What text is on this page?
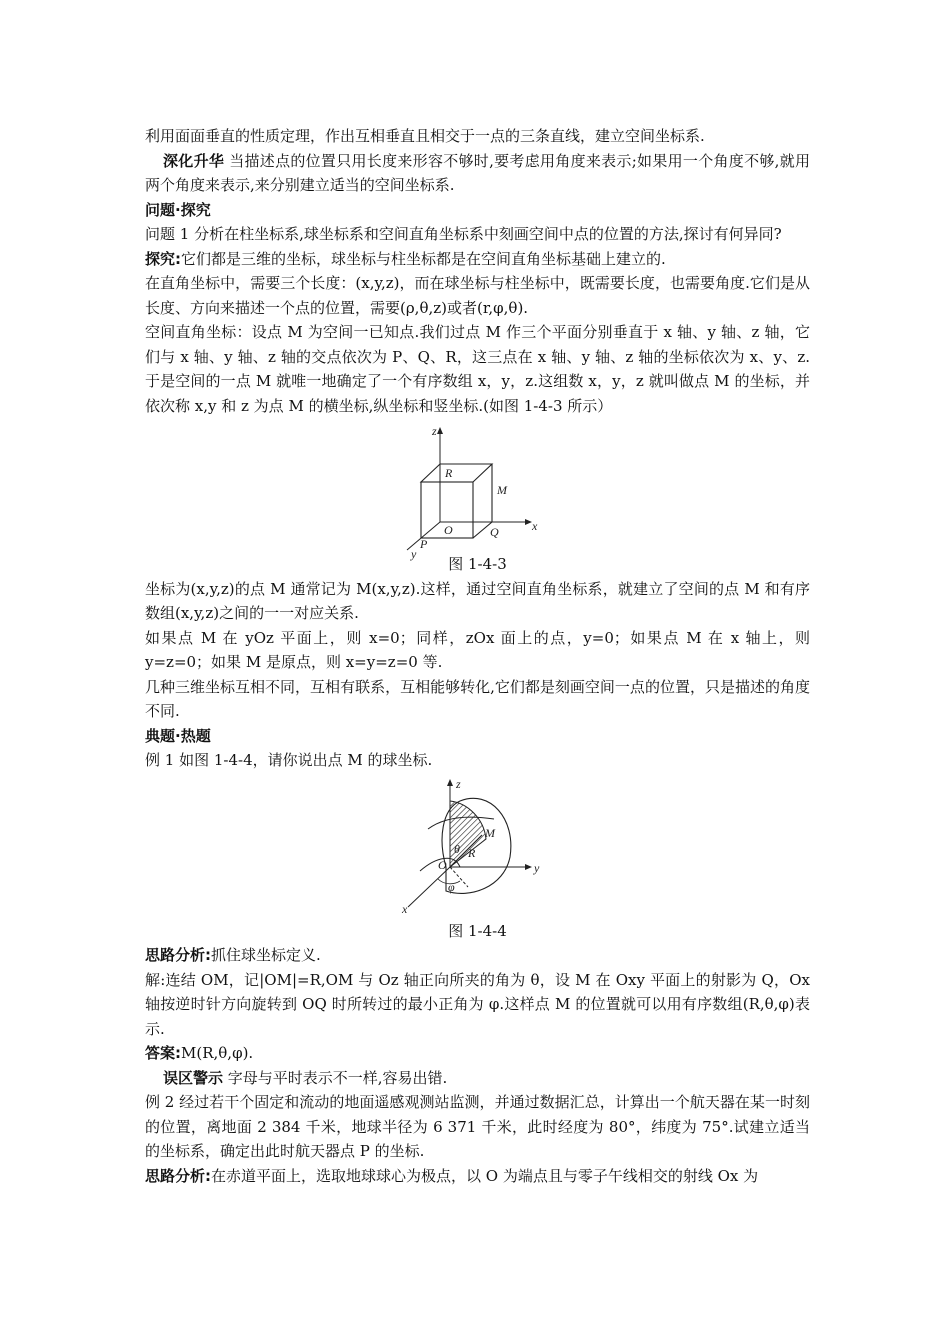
利用面面垂直的性质定理，作出互相垂直且相交于一点的三条直线，建立空间坐标系.

深化升华 当描述点的位置只用长度来形容不够时,要考虑用角度来表示;如果用一个角度不够,就用两个角度来表示,来分别建立适当的空间坐标系.

问题·探究

问题 1 分析在柱坐标系,球坐标系和空间直角坐标系中刻画空间中点的位置的方法,探讨有何异同?

探究:它们都是三维的坐标，球坐标与柱坐标都是在空间直角坐标基础上建立的.

在直角坐标中，需要三个长度：(x,y,z)，而在球坐标与柱坐标中，既需要长度，也需要角度.它们是从长度、方向来描述一个点的位置，需要(ρ,θ,z)或者(r,φ,θ).

空间直角坐标：设点 M 为空间一已知点.我们过点 M 作三个平面分别垂直于 x 轴、y 轴、z 轴，它们与 x 轴、y 轴、z 轴的交点依次为 P、Q、R，这三点在 x 轴、y 轴、z 轴的坐标依次为 x、y、z.于是空间的一点 M 就唯一地确定了一个有序数组 x，y，z.这组数 x，y，z 就叫做点 M 的坐标，并依次称 x,y 和 z 为点 M 的横坐标,纵坐标和竖坐标.(如图 1-4-3 所示）

z
R
M
O	Q	x
P
y

图 1-4-3

坐标为(x,y,z)的点 M 通常记为 M(x,y,z).这样，通过空间直角坐标系，就建立了空间的点 M 和有序数组(x,y,z)之间的一一对应关系.

如果点 M 在 yOz 平面上，则 x=0；同样，zOx 面上的点，y=0；如果点 M 在 x 轴上，则 y=z=0；如果 M 是原点，则 x=y=z=0 等.

几种三维坐标互相不同，互相有联系，互相能够转化,它们都是刻画空间一点的位置，只是描述的角度不同.

典题·热题

例 1 如图 1-4-4，请你说出点 M 的球坐标.

z
M
θ R
O
φ
y
x

图 1-4-4

思路分析:抓住球坐标定义.

解:连结 OM，记|OM|=R,OM 与 Oz 轴正向所夹的角为 θ，设 M 在 Oxy 平面上的射影为 Q，Ox 轴按逆时针方向旋转到 OQ 时所转过的最小正角为 φ.这样点 M 的位置就可以用有序数组(R,θ,φ)表示.

答案:M(R,θ,φ).

误区警示 字母与平时表示不一样,容易出错.

例 2 经过若干个固定和流动的地面遥感观测站监测，并通过数据汇总，计算出一个航天器在某一时刻的位置，离地面 2 384 千米，地球半径为 6 371 千米，此时经度为 80°，纬度为 75°.试建立适当的坐标系，确定出此时航天器点 P 的坐标.

思路分析:在赤道平面上，选取地球球心为极点，以 O 为端点且与零子午线相交的射线 Ox 为
